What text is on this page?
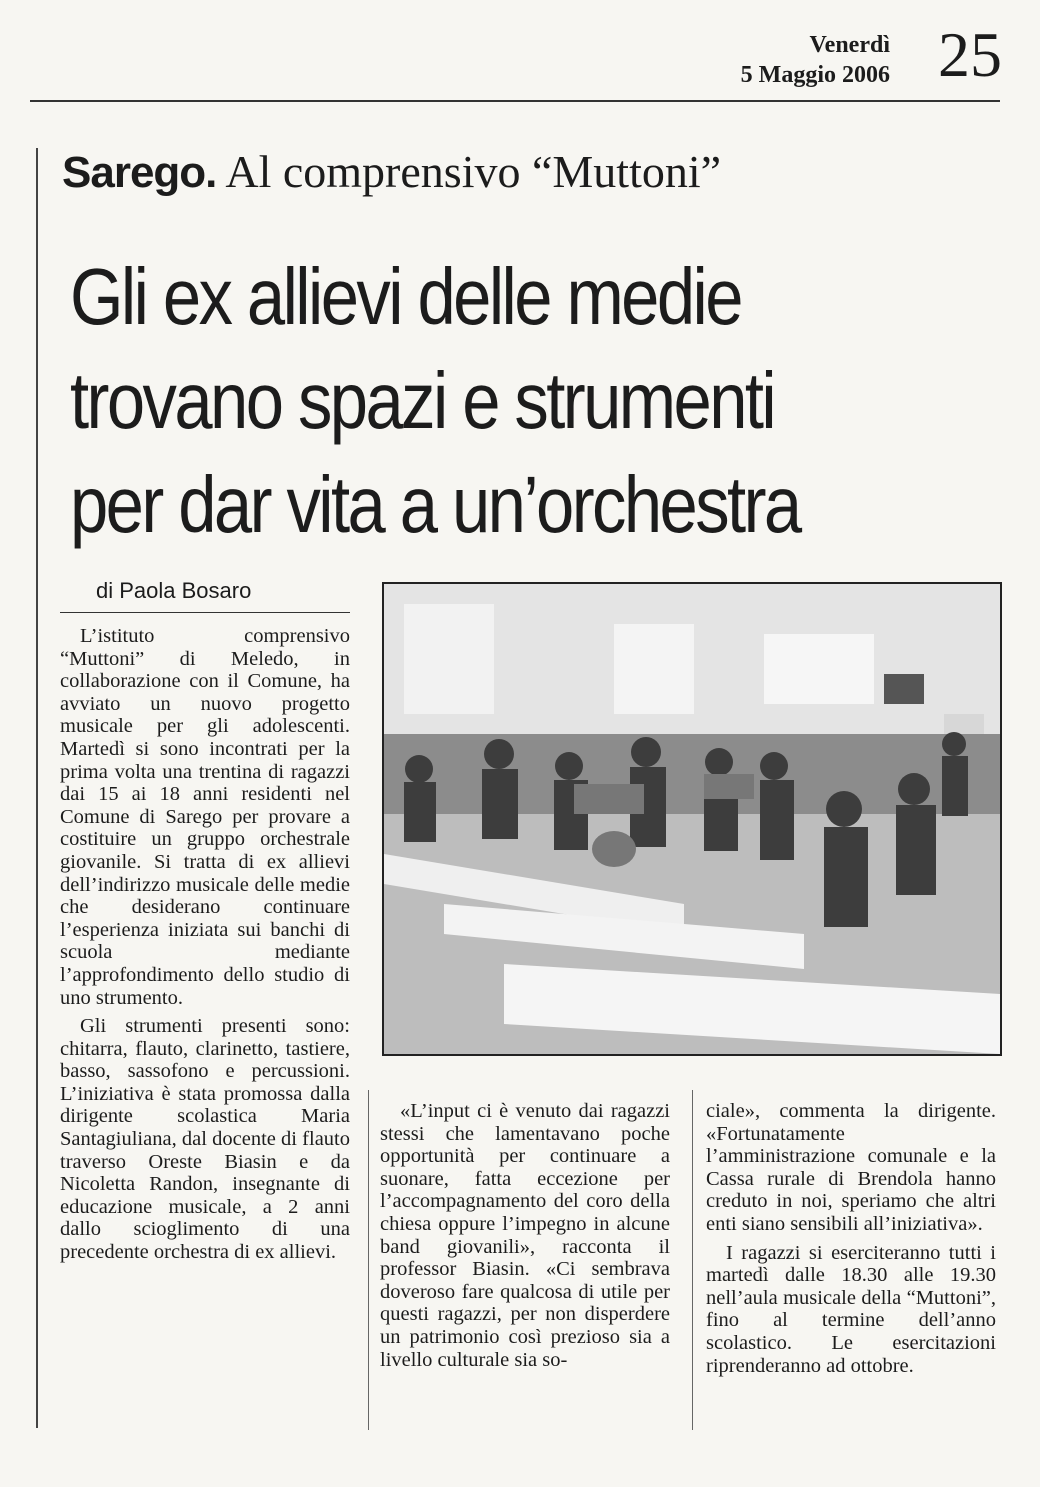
Venerdì
5 Maggio 2006 25
Sarego. Al comprensivo “Muttoni”
Gli ex allievi delle medie
trovano spazi e strumenti
per dar vita a un’orchestra
di Paola Bosaro

L’istituto comprensivo “Muttoni” di Meledo, in collaborazione con il Comune, ha avviato un nuovo progetto musicale per gli adolescenti. Martedì si sono incontrati per la prima volta una trentina di ragazzi dai 15 ai 18 anni residenti nel Comune di Sarego per provare a costituire un gruppo orchestrale giovanile. Si tratta di ex allievi dell’indirizzo musicale delle medie che desiderano continuare l’esperienza iniziata sui banchi di scuola mediante l’approfondimento dello studio di uno strumento.

Gli strumenti presenti sono: chitarra, flauto, clarinetto, tastiere, basso, sassofono e percussioni. L’iniziativa è stata promossa dalla dirigente scolastica Maria Santagiuliana, dal docente di flauto traverso Oreste Biasin e da Nicoletta Randon, insegnante di educazione musicale, a 2 anni dallo scioglimento di una precedente orchestra di ex allievi.

«L’input ci è venuto dai ragazzi stessi che lamentavano poche opportunità per continuare a suonare, fatta eccezione per l’accompagnamento del coro della chiesa oppure l’impegno in alcune band giovanili», racconta il professor Biasin. «Ci sembrava doveroso fare qualcosa di utile per questi ragazzi, per non disperdere un patrimonio così prezioso sia a livello culturale sia so-

ciale», commenta la dirigente. «Fortunatamente l’amministrazione comunale e la Cassa rurale di Brendola hanno creduto in noi, speriamo che altri enti siano sensibili all’iniziativa».

I ragazzi si eserciteranno tutti i martedì dalle 18.30 alle 19.30 nell’aula musicale della “Muttoni”, fino al termine dell’anno scolastico. Le esercitazioni riprenderanno ad ottobre.
